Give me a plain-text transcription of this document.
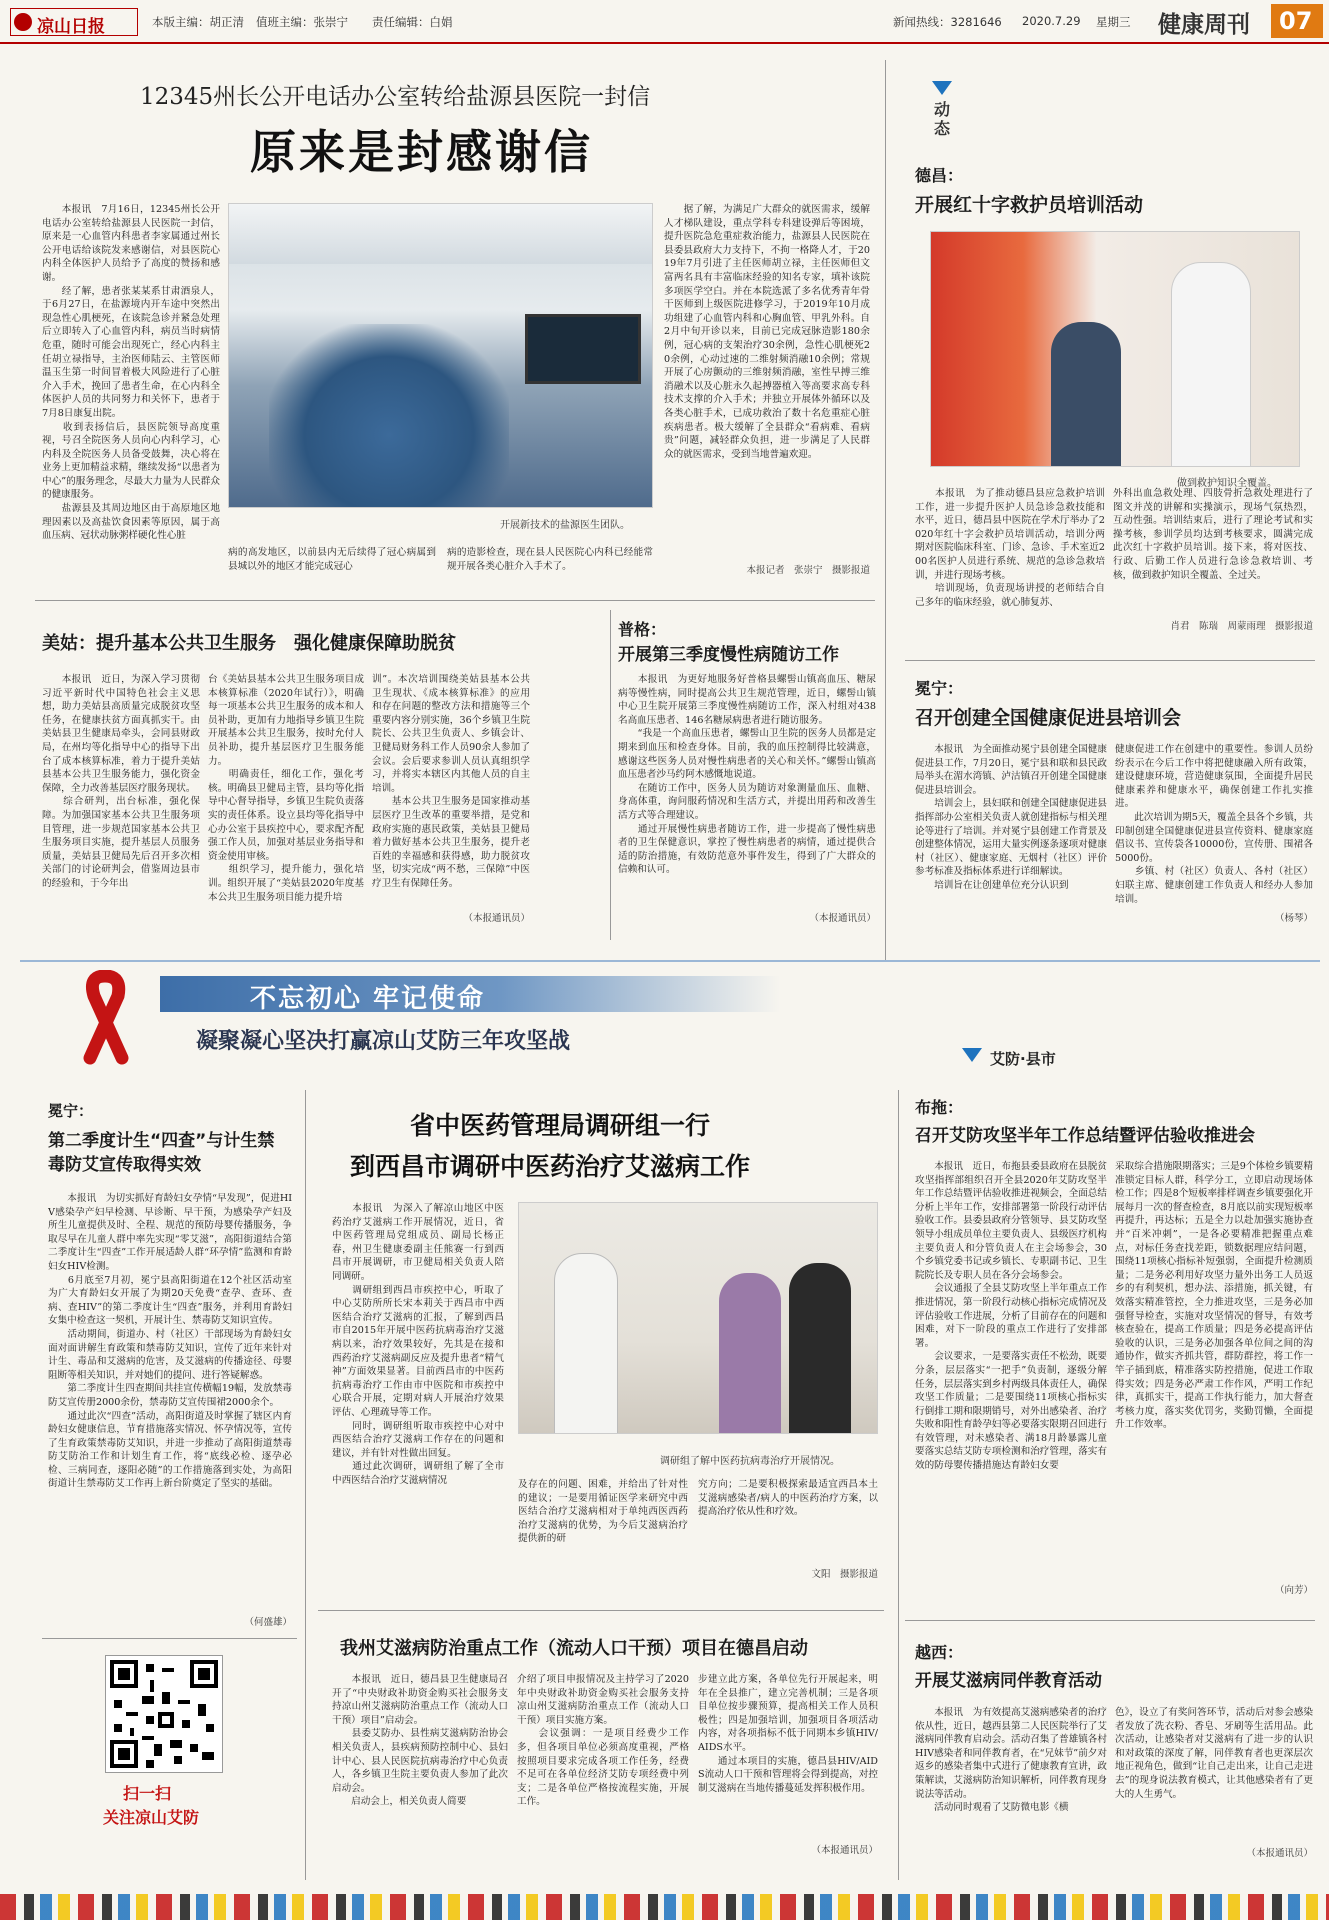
凉山日报	本版主编：胡正清 值班主编：张崇宁 责任编辑：白娟	新闻热线：3281646 2020.7.29 星期三 健康周刊 07
12345州长公开电话办公室转给盐源县医院一封信
原来是封感谢信
　　本报讯　7月16日，12345州长公开电话办公室转给盐源县人民医院一封信，原来是一心血管内科患者李家属通过州长公开电话给该院发来感谢信，对县医院心内科全体医护人员给予了高度的赞扬和感谢。
　　经了解，患者张某某系甘肃酒泉人，于6月27日，在盐源境内开车途中突然出现急性心肌梗死，在该院急诊并紧急处理后立即转入了心血管内科，病员当时病情危重，随时可能会出现死亡，经心内科主任胡立禄指导，主治医师陆云、主管医师温玉生第一时间冒着极大风险进行了心脏介入手术，挽回了患者生命，在心内科全体医护人员的共同努力和关怀下，患者于7月8日康复出院。
　　收到表扬信后，县医院领导高度重视，号召全院医务人员向心内科学习，心内科及全院医务人员备受鼓舞，决心将在业务上更加精益求精，继续发扬“以患者为中心”的服务理念，尽最大力量为人民群众的健康服务。
　　盐源县及其周边地区由于高原地区地理因素以及高盐饮食因素等原因，属于高血压病、冠状动脉粥样硬化性心脏
开展新技术的盐源医生团队。
病的高发地区，以前县内无后续得了冠心病属到县城以外的地区才能完成冠心
病的造影检查，现在县人民医院心内科已经能常规开展各类心脏介入手术了。
　　据了解，为满足广大群众的就医需求，缓解人才梯队建设，重点学科专科建设弹后等困境，提升医院急危重症救治能力，盐源县人民医院在县委县政府大力支持下，不拘一格降人才，于2019年7月引进了主任医师胡立禄，主任医师但文富两名具有丰富临床经验的知名专家，填补该院多项医学空白。并在本院选派了多名优秀青年骨干医师到上级医院进修学习，于2019年10月成功组建了心血管内科和心胸血管、甲乳外科。自2月中旬开诊以来，目前已完成冠脉造影180余例，冠心病的支架治疗30余例，急性心肌梗死20余例，心动过速的二维射频消融10余例；常规开展了心房颤动的三维射频消融，室性早搏三维消融术以及心脏永久起搏器植入等高要求高专科技术支撑的介入手术；并独立开展体外循环以及各类心脏手术，已成功救治了数十名危重症心脏疾病患者。极大缓解了全县群众“看病难、看病贵”问题，减轻群众负担，进一步满足了人民群众的就医需求，受到当地普遍欢迎。
本报记者　张崇宁　摄影报道
美姑：提升基本公共卫生服务　强化健康保障助脱贫
　　本报讯　近日，为深入学习贯彻习近平新时代中国特色社会主义思想，助力美姑县高质量完成脱贫攻坚任务，在健康扶贫方面真抓实干。由美姑县卫生健康局牵头，会同县财政局，在州均等化指导中心的指导下出台了成本核算标准，着力于提升美姑县基本公共卫生服务能力，强化资金保障，全力改善基层医疗服务现状。
　　综合研判，出台标准，强化保障。为加强国家基本公共卫生服务项目管理，进一步规范国家基本公共卫生服务项目实施，提升基层人员服务质量，美姑县卫健局先后召开多次相关部门的讨论研判会，借鉴周边县市的经验和，于今年出
台《美姑县基本公共卫生服务项目成本核算标准（2020年试行）》，明确每一项基本公共卫生服务的成本和人员补助，更加有力地指导乡镇卫生院开展基本公共卫生服务，按时允付人员补助，提升基层医疗卫生服务能力。
　　明确责任，细化工作，强化考核。明确县卫健局主管，县均等化指导中心督导指导，乡镇卫生院负责落实的责任体系。设立县均等化指导中心办公室于县疾控中心，要求配齐配强工作人员，加强对基层业务指导和资金使用审核。
　　组织学习，提升能力，强化培训。组织开展了“美姑县2020年度基本公共卫生服务项目能力提升培
训”。本次培训围绕美姑县基本公共卫生现状、《成本核算标准》的应用和存在问题的整改方法和措施等三个重要内容分别实施，36个乡镇卫生院院长、公共卫生负责人、乡镇会计、卫健局财务科工作人员90余人参加了会议。会后要求参训人员认真组织学习，并将实本辖区内其他人员的自主培训。
　　基本公共卫生服务是国家推动基层医疗卫生改革的重要举措，是党和政府实施的惠民政策，美姑县卫健局着力做好基本公共卫生服务，提升老百姓的幸福感和获得感，助力脱贫攻坚，切实完成“两不愁，三保障”中医疗卫生有保障任务。
（本报通讯员）
普格：
开展第三季度慢性病随访工作
　　本报讯　为更好地服务好普格县螺髻山镇高血压、糖尿病等慢性病，同时提高公共卫生规范管理，近日，螺髻山镇中心卫生院开展第三季度慢性病随访工作，深入村组对438名高血压患者、146名糖尿病患者进行随访服务。
　　“我是一个高血压患者，螺髻山卫生院的医务人员都是定期来到血压和检查身体。目前，我的血压控制得比较满意，感谢这些医务人员对慢性病患者的关心和关怀。”螺髻山镇高血压患者沙马约阿木感慨地说道。
　　在随访工作中，医务人员为随访对象测量血压、血糖、身高体重，询问服药情况和生活方式，并提出用药和改善生活方式等合理建议。
　　通过开展慢性病患者随访工作，进一步提高了慢性病患者的卫生保健意识，掌控了慢性病患者的病情，通过提供合适的防治措施，有效防范意外事件发生，得到了广大群众的信赖和认可。
（本报通讯员）
动态
德昌：
开展红十字救护员培训活动
做到救护知识全覆盖。
　　本报讯　为了推动德昌县应急救护培训工作，进一步提升医护人员急诊急救技能和水平，近日，德昌县中医院在学术厅举办了2020年红十字会救护员培训活动，培训分两期对医院临床科室、门诊、急诊、手术室近200名医护人员进行系统、规范的急诊急救培训，并进行现场考核。
　　培训现场，负责现场讲授的老师结合自己多年的临床经验，就心肺复苏、
外科出血急救处理、四肢骨折急救处理进行了图文并茂的讲解和实操演示，现场气氛热烈，互动性强。培训结束后，进行了理论考试和实操考核，参训学员均达到考核要求，圆满完成此次红十字救护员培训。接下来，将对医技、行政、后勤工作人员进行急诊急救培训、考核，做到救护知识全覆盖、全过关。
肖君　陈瑞　周蒙雨理　摄影报道
冕宁：
召开创建全国健康促进县培训会
　　本报讯　为全面推动冕宁县创建全国健康促进县工作，7月20日，冕宁县和联和县民政局举头在湄水湾镇、泸沽镇召开创建全国健康促进县培训会。
　　培训会上，县妇联和创建全国健康促进县指挥部办公室相关负责人就创建指标与相关理论等进行了培训。并对冕宁县创建工作背景及创建整体情况，运用大量实例逐条逐项对健康村（社区）、健康家庭、无烟村（社区）评价参考标准及指标体系进行详细解读。
　　培训旨在让创建单位充分认识到
健康促进工作在创建中的重要性。参训人员纷纷表示在今后工作中将把健康融入所有政策，建设健康环境，营造健康氛围，全面提升居民健康素养和健康水平，确保创建工作扎实推进。
　　此次培训为期5天，覆盖全县各个乡镇，共印制创建全国健康促进县宣传资料、健康家庭倡议书、宣传袋各10000份，宣传册、围裙各5000份。
　　乡镇、村（社区）负责人、各村（社区）妇联主席、健康创建工作负责人和经办人参加培训。
（杨琴）
不忘初心 牢记使命
凝聚凝心坚决打赢凉山艾防三年攻坚战
艾防·县市
冕宁：
第二季度计生“四查”与计生禁毒防艾宣传取得实效
　　本报讯　为切实抓好育龄妇女孕情“早发现”，促进HIV感染孕产妇早检测、早诊断、早干预，为感染孕产妇及所生儿童提供及时、全程、规范的预防母婴传播服务，争取尽早在儿童人群中率先实现“零艾滋”，高阳街道结合第二季度计生“四查”工作开展适龄人群“环孕情”监测和育龄妇女HIV检测。
　　6月底至7月初，冕宁县高阳街道在12个社区活动室为广大育龄妇女开展了为期20天免费“查孕、查环、查病、查HIV”的第二季度计生“四查”服务，并利用育龄妇女集中检查这一契机，开展计生、禁毒防艾知识宣传。
　　活动期间，街道办、村（社区）干部现场为育龄妇女面对面讲解生育政策和禁毒防艾知识，宣传了近年来针对计生、毒品和艾滋病的危害，及艾滋病的传播途径、母婴阻断等相关知识，并对她们的提问、进行答疑解惑。
　　第二季度计生四查期间共挂宣传横幅19幅，发放禁毒防艾宣传册2000余份，禁毒防艾宣传围裙2000余个。
　　通过此次“四查”活动，高阳街道及时掌握了辖区内育龄妇女健康信息，节育措施落实情况、怀孕情况等，宣传了生育政策禁毒防艾知识，并进一步推动了高阳街道禁毒防艾防治工作和计划生育工作，将“底线必检、逐孕必检、三病同查，逐阳必随”的工作措施落到实处，为高阳街道计生禁毒防艾工作再上新台阶奠定了坚实的基础。
（何盛雄）
扫一扫
关注凉山艾防
省中医药管理局调研组一行
到西昌市调研中医药治疗艾滋病工作
　　本报讯　为深入了解凉山地区中医药治疗艾滋病工作开展情况，近日，省中医药管理局党组成员、副局长杨正春，州卫生健康委副主任熊赛一行到西昌市开展调研，市卫健局相关负责人陪同调研。
　　调研组到西昌市疾控中心，听取了中心艾防所所长宋本莉关于西昌市中西医结合治疗艾滋病的汇报，了解到西昌市自2015年开展中医药抗病毒治疗艾滋病以来，治疗效果较好，先其是在接和西药治疗艾滋病副反应及提升患者“精气神”方面效果显著。目前西昌市的中医药抗病毒治疗工作由市中医院和市疾控中心联合开展，定期对病人开展治疗效果评估、心理疏导等工作。
　　同时，调研组听取市疾控中心对中西医结合治疗艾滋病工作存在的问题和建议，并有针对性做出回复。
　　通过此次调研，调研组了解了全市中西医结合治疗艾滋病情况
调研组了解中医药抗病毒治疗开展情况。
及存在的问题、困难，并给出了针对性的建议；一是要用循证医学来研究中西医结合治疗艾滋病相对于单纯西医西药治疗艾滋病的优势，为今后艾滋病治疗提供新的研
究方向；二是要积极探索最适宜西昌本土艾滋病感染者/病人的中医药治疗方案，以提高治疗依从性和疗效。
文阳　摄影报道
我州艾滋病防治重点工作（流动人口干预）项目在德昌启动
　　本报讯　近日，德昌县卫生健康局召开了“中央财政补助资金购买社会服务支持凉山州艾滋病防治重点工作（流动人口干预）项目”启动会。
　　县委艾防办、县性病艾滋病防治协会相关负责人，县疾病预防控制中心、县妇计中心、县人民医院抗病毒治疗中心负责人，各乡镇卫生院主要负责人参加了此次启动会。
　　启动会上，相关负责人简要
介绍了项目申报情况及主持学习了2020年中央财政补助资金购买社会服务支持凉山州艾滋病防治重点工作（流动人口干预）项目实施方案。
　　会议强调：一是项目经费少工作多，但各项目单位必须高度重视，严格按照项目要求完成各项工作任务，经费不足可在各单位经济艾防专项经费中列支；二是各单位严格按流程实施，开展工作。
步建立此方案，各单位先行开展起来，明年在全县推广，建立完善机制；三是各项目单位按步骤预算，提高相关工作人员积极性；四是加强培训，加强项目各项活动内容，对各项指标不低于同期本乡镇HIV/AIDS水平。
　　通过本项目的实施，德昌县HIV/AIDS流动人口干预和管理将会得到提高，对控制艾滋病在当地传播蔓延发挥积极作用。
（本报通讯员）
布拖：
召开艾防攻坚半年工作总结暨评估验收推进会
　　本报讯　近日，布拖县委县政府在县脱贫攻坚指挥部组织召开全县2020年艾防攻坚半年工作总结暨评估验收推进视频会，全面总结分析上半年工作，安排部署第一阶段行动评估验收工作。县委县政府分管领导、县艾防攻坚领导小组成员单位主要负责人、县级医疗机构主要负责人和分管负责人在主会场参会，30个乡镇党委书记或乡镇长、专职副书记、卫生院院长及专职人员在各分会场参会。
　　会议通报了全县艾防攻坚上半年重点工作推进情况，第一阶段行动核心指标完成情况及评估验收工作进展，分析了目前存在的问题和困难，对下一阶段的重点工作进行了安排部署。
　　会议要求，一是要落实责任不松劲，既要分条，层层落实“一把手”负责制，逐级分解任务，层层落实到乡村两级具体责任人，确保攻坚工作质量；二是要围绕11项核心指标实行倒排工期和限期销号，对外出感染者、治疗失败和阳性育龄孕妇等必要落实限期召回进行有效管理，对未感染者、满18月龄暴露儿童要落实总结艾防专项检测和治疗管理，落实有效的防母婴传播措施达育龄妇女要
采取综合措施限期落实；三是9个体检乡镇要精准锁定目标人群，科学分工，立即启动现场体检工作；四是8个短板率排样调查乡镇要强化开展每月一次的督查检查，8月底以前实现短板率再提升，再达标；五是全力以赴加强实施协查并“百米冲刺”，一是各必要精准把握重点难点，对标任务查找差距，锁数据理应结问题，围绕11项核心指标补短强弱，全面提升检测质量；二是务必利用好攻坚力量外出务工人员返乡的有利契机，想办法、添措施，抓关键，有效落实精准管控，全力推进攻坚，三是务必加强督导检查，实施对攻坚情况的督导，有效考核查验在，提高工作质量；四是务必提高评估验收的认识，三是务必加强各单位间之间的沟通协作，做实齐抓共管，群防群控，将工作一竿子插到底，精准落实防控措施，促进工作取得实效；四是务必严肃工作作风，严明工作纪律，真抓实干，提高工作执行能力，加大督查考核力度，落实奖优罚劣，奖勤罚懒，全面提升工作效率。
（向芳）
越西：
开展艾滋病同伴教育活动
　　本报讯　为有效提高艾滋病感染者的治疗依从性，近日，越西县第二人民医院举行了艾滋病同伴教育启动会。活动召集了普雄镇各村HIV感染者和同伴教育者，在“兄妹节”前夕对返乡的感染者集中式进行了健康教育宣讲，政策解读，艾滋病防治知识解析，同伴教育现身说法等活动。
　　活动同时观看了艾防微电影《横
色》，设立了有奖问答环节，活动后对参会感染者发放了洗衣粉、香皂、牙刷等生活用品。此次活动，让感染者对艾滋病有了进一步的认识和对政策的深度了解，同伴教育者也更深层次地正视角色，做到“让自己走出来，让自己走进去”的现身说法教育模式，让其他感染者有了更大的人生勇气。
（本报通讯员）
